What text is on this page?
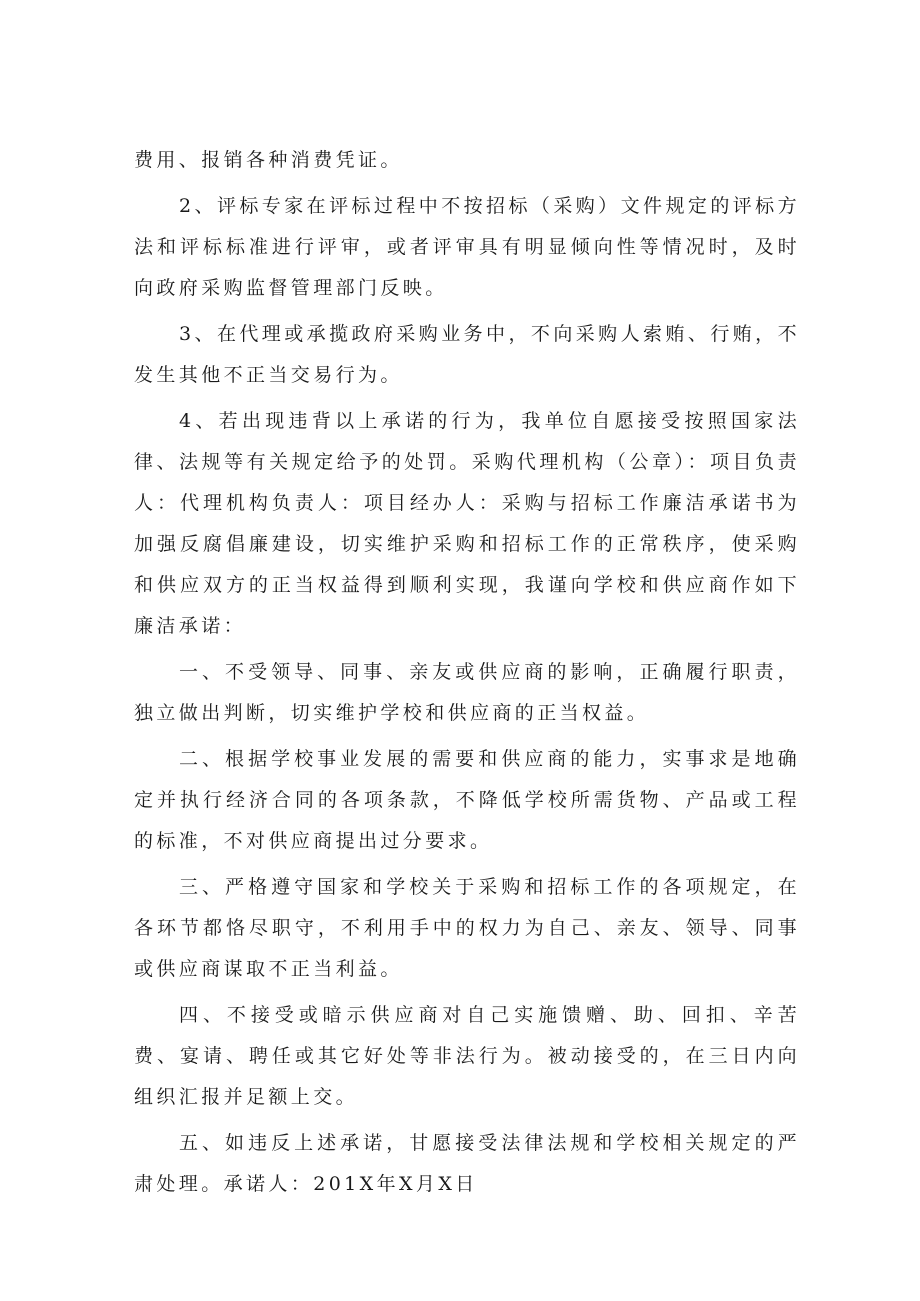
费用、报销各种消费凭证。

2、评标专家在评标过程中不按招标（采购）文件规定的评标方法和评标标准进行评审，或者评审具有明显倾向性等情况时，及时向政府采购监督管理部门反映。

3、在代理或承揽政府采购业务中，不向采购人索贿、行贿，不发生其他不正当交易行为。

4、若出现违背以上承诺的行为，我单位自愿接受按照国家法律、法规等有关规定给予的处罚。采购代理机构（公章）：项目负责人：代理机构负责人：项目经办人：采购与招标工作廉洁承诺书为加强反腐倡廉建设，切实维护采购和招标工作的正常秩序，使采购和供应双方的正当权益得到顺利实现，我谨向学校和供应商作如下廉洁承诺：

一、不受领导、同事、亲友或供应商的影响，正确履行职责，独立做出判断，切实维护学校和供应商的正当权益。

二、根据学校事业发展的需要和供应商的能力，实事求是地确定并执行经济合同的各项条款，不降低学校所需货物、产品或工程的标准，不对供应商提出过分要求。

三、严格遵守国家和学校关于采购和招标工作的各项规定，在各环节都恪尽职守，不利用手中的权力为自己、亲友、领导、同事或供应商谋取不正当利益。

四、不接受或暗示供应商对自己实施馈赠、助、回扣、辛苦费、宴请、聘任或其它好处等非法行为。被动接受的，在三日内向组织汇报并足额上交。

五、如违反上述承诺，甘愿接受法律法规和学校相关规定的严肃处理。承诺人：201X年X月X日
